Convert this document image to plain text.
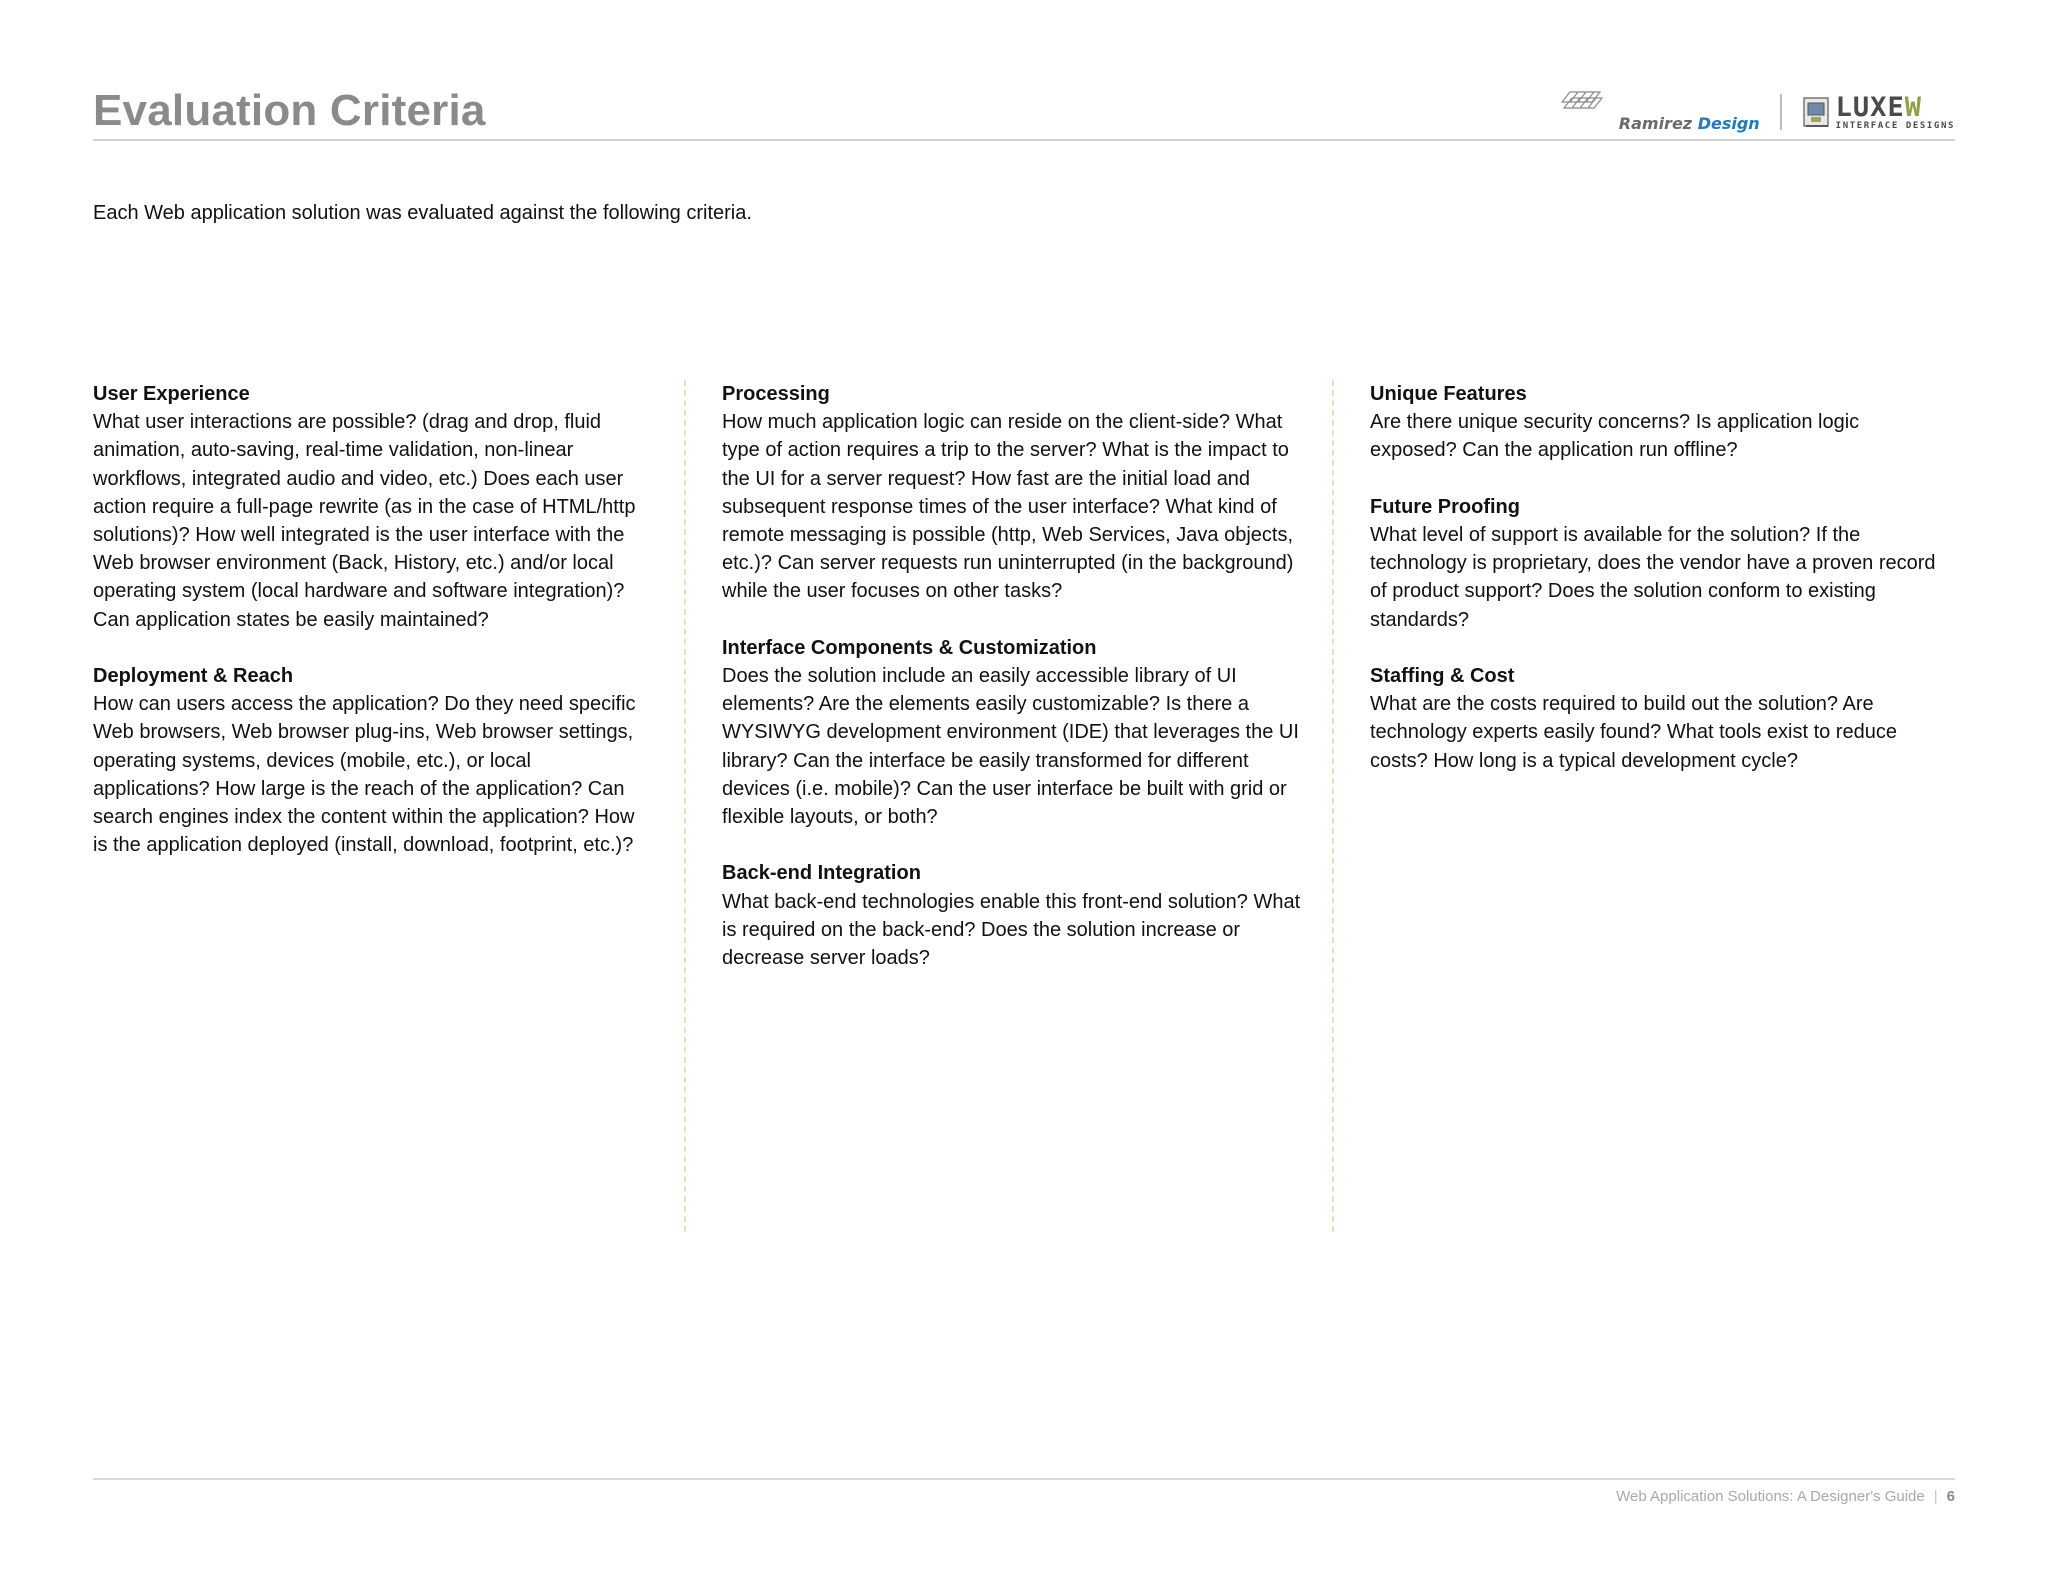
Evaluation Criteria	Ramirez Design
LUXEW
INTERFACE DESIGNS
Each Web application solution was evaluated against the following criteria.
User Experience
What user interactions are possible? (drag and drop, fluid animation, auto-saving, real-time validation, non-linear workflows, integrated audio and video, etc.) Does each user action require a full-page rewrite (as in the case of HTML/http solutions)? How well integrated is the user interface with the Web browser environment (Back, History, etc.) and/or local operating system (local hardware and software integration)? Can application states be easily maintained?
Deployment & Reach
How can users access the application? Do they need specific Web browsers, Web browser plug-ins, Web browser settings, operating systems, devices (mobile, etc.), or local applications? How large is the reach of the application? Can search engines index the content within the application? How is the application deployed (install, download, footprint, etc.)?
Processing
How much application logic can reside on the client-side? What type of action requires a trip to the server? What is the impact to the UI for a server request? How fast are the initial load and subsequent response times of the user interface? What kind of remote messaging is possible (http, Web Services, Java objects, etc.)? Can server requests run uninterrupted (in the background) while the user focuses on other tasks?
Interface Components & Customization
Does the solution include an easily accessible library of UI elements? Are the elements easily customizable? Is there a WYSIWYG development environment (IDE) that leverages the UI library? Can the interface be easily transformed for different devices (i.e. mobile)? Can the user interface be built with grid or flexible layouts, or both?
Back-end Integration
What back-end technologies enable this front-end solution? What is required on the back-end? Does the solution increase or decrease server loads?
Unique Features
Are there unique security concerns? Is application logic exposed? Can the application run offline?
Future Proofing
What level of support is available for the solution? If the technology is proprietary, does the vendor have a proven record of product support? Does the solution conform to existing standards?
Staffing & Cost
What are the costs required to build out the solution? Are technology experts easily found? What tools exist to reduce costs? How long is a typical development cycle?
Web Application Solutions: A Designer's Guide | 6
